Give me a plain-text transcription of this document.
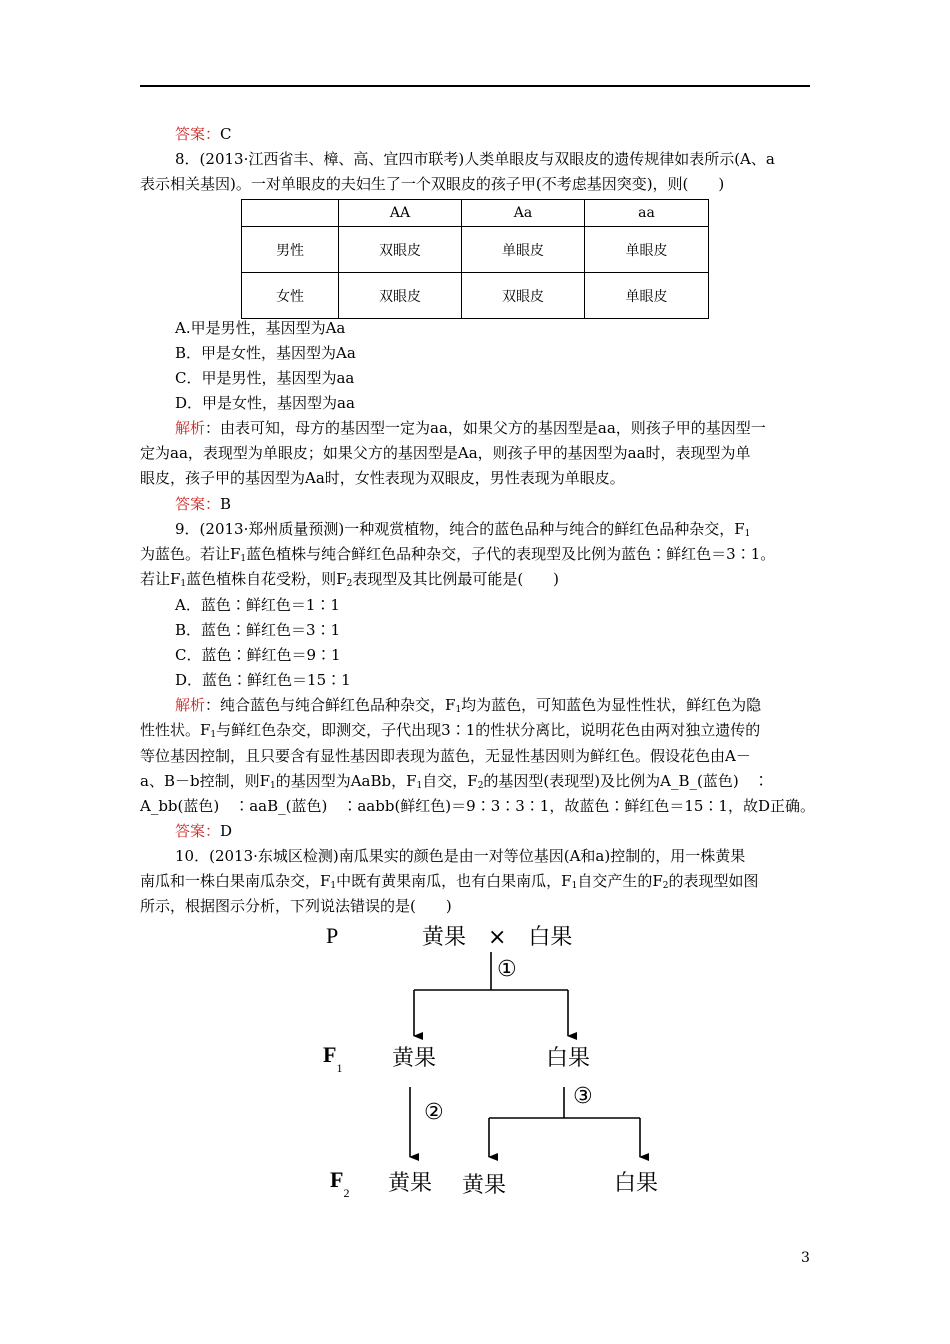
答案：C
8．(2013·江西省丰、樟、高、宜四市联考)人类单眼皮与双眼皮的遗传规律如表所示(A、a
表示相关基因)。一对单眼皮的夫妇生了一个双眼皮的孩子甲(不考虑基因突变)，则(　　)
	AA	Aa	aa
男性	双眼皮	单眼皮	单眼皮
女性	双眼皮	双眼皮	单眼皮
A.甲是男性，基因型为Aa
B．甲是女性，基因型为Aa
C．甲是男性，基因型为aa
D．甲是女性，基因型为aa
解析：由表可知，母方的基因型一定为aa，如果父方的基因型是aa，则孩子甲的基因型一
定为aa，表现型为单眼皮；如果父方的基因型是Aa，则孩子甲的基因型为aa时，表现型为单
眼皮，孩子甲的基因型为Aa时，女性表现为双眼皮，男性表现为单眼皮。
答案：B
9．(2013·郑州质量预测)一种观赏植物，纯合的蓝色品种与纯合的鲜红色品种杂交，$F_1$
为蓝色。若让$F_1$蓝色植株与纯合鲜红色品种杂交，子代的表现型及比例为蓝色∶鲜红色＝3∶1。
若让$F_1$蓝色植株自花受粉，则$F_2$表现型及其比例最可能是(　　)
A．蓝色∶鲜红色＝1∶1
B．蓝色∶鲜红色＝3∶1
C．蓝色∶鲜红色＝9∶1
D．蓝色∶鲜红色＝15∶1
解析：纯合蓝色与纯合鲜红色品种杂交，$F_1$均为蓝色，可知蓝色为显性性状，鲜红色为隐
性性状。$F_1$与鲜红色杂交，即测交，子代出现3∶1的性状分离比，说明花色由两对独立遗传的
等位基因控制，且只要含有显性基因即表现为蓝色，无显性基因则为鲜红色。假设花色由A－
a、B－b控制，则$F_1$的基因型为AaBb，$F_1$自交，$F_2$的基因型(表现型)及比例为A_B_(蓝色)　∶
A_bb(蓝色)　∶aaB_(蓝色)　∶aabb(鲜红色)＝9∶3∶3∶1，故蓝色∶鲜红色＝15∶1，故D正确。
答案：D
10．(2013·东城区检测)南瓜果实的颜色是由一对等位基因(A和a)控制的，用一株黄果
南瓜和一株白果南瓜杂交，$F_1$中既有黄果南瓜，也有白果南瓜，$F_1$自交产生的$F_2$的表现型如图
所示，根据图示分析，下列说法错误的是(　　)
P	黄果　×　白果
①
$F_1$ 黄果	白果
②
③
$F_2$ 黄果 黄果	白果
3
